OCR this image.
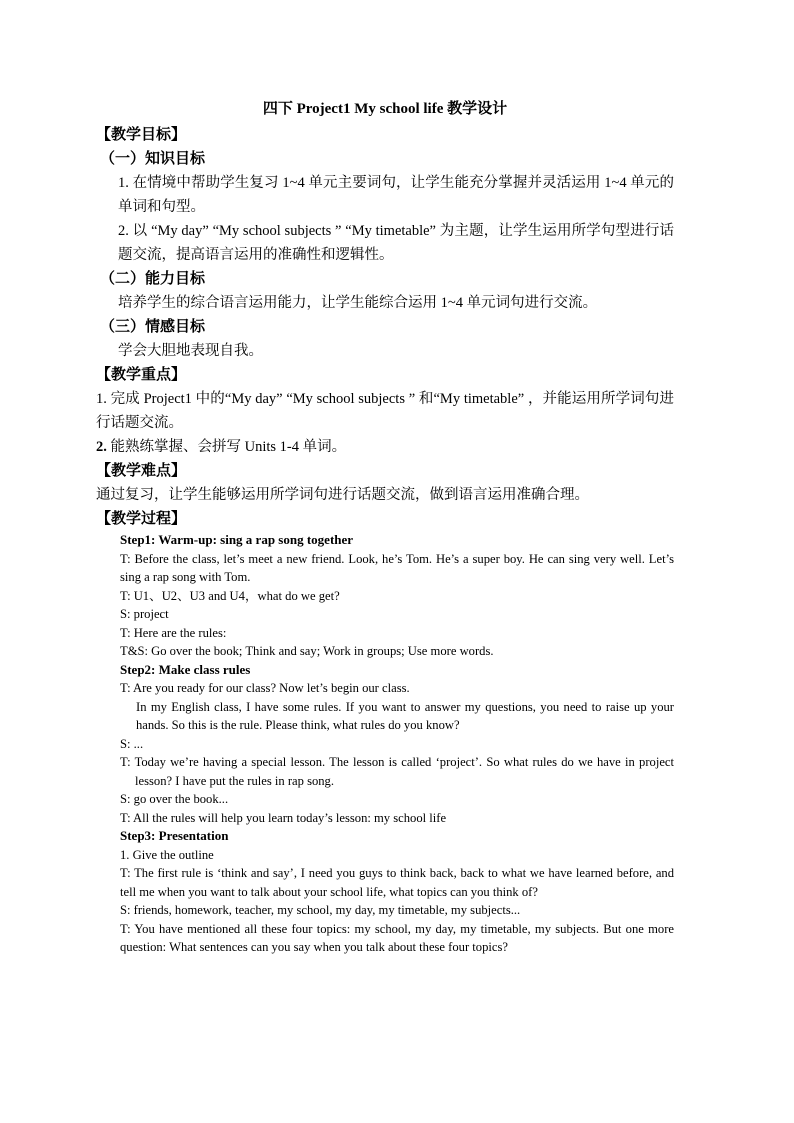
四下 Project1 My school life 教学设计
【教学目标】
（一）知识目标
1. 在情境中帮助学生复习 1~4 单元主要词句，让学生能充分掌握并灵活运用 1~4 单元的单词和句型。
2. 以 “My day” “My school subjects ” “My timetable” 为主题，让学生运用所学句型进行话题交流，提高语言运用的准确性和逻辑性。
（二）能力目标
培养学生的综合语言运用能力，让学生能综合运用 1~4 单元词句进行交流。
（三）情感目标
学会大胆地表现自我。
【教学重点】
1. 完成 Project1 中的“My day” “My school subjects ” 和“My timetable” ，并能运用所学词句进行话题交流。
2. 能熟练掌握、会拼写 Units 1-4 单词。
【教学难点】
通过复习，让学生能够运用所学词句进行话题交流，做到语言运用准确合理。
【教学过程】
Step1: Warm-up: sing a rap song together
T: Before the class, let’s meet a new friend. Look, he’s Tom. He’s a super boy. He can sing very well. Let’s sing a rap song with Tom.
T: U1、U2、U3 and U4，what do we get?
S: project
T: Here are the rules:
T&S: Go over the book; Think and say; Work in groups; Use more words.
Step2: Make class rules
T: Are you ready for our class? Now let’s begin our class.
In my English class, I have some rules. If you want to answer my questions, you need to raise up your hands. So this is the rule. Please think, what rules do you know?
S: ...
T: Today we’re having a special lesson. The lesson is called ‘project’. So what rules do we have in project lesson? I have put the rules in rap song.
S: go over the book...
T: All the rules will help you learn today’s lesson: my school life
Step3: Presentation
1. Give the outline
T: The first rule is ‘think and say’, I need you guys to think back, back to what we have learned before, and tell me when you want to talk about your school life, what topics can you think of?
S: friends, homework, teacher, my school, my day, my timetable, my subjects...
T: You have mentioned all these four topics: my school, my day, my timetable, my subjects. But one more question: What sentences can you say when you talk about these four topics?
